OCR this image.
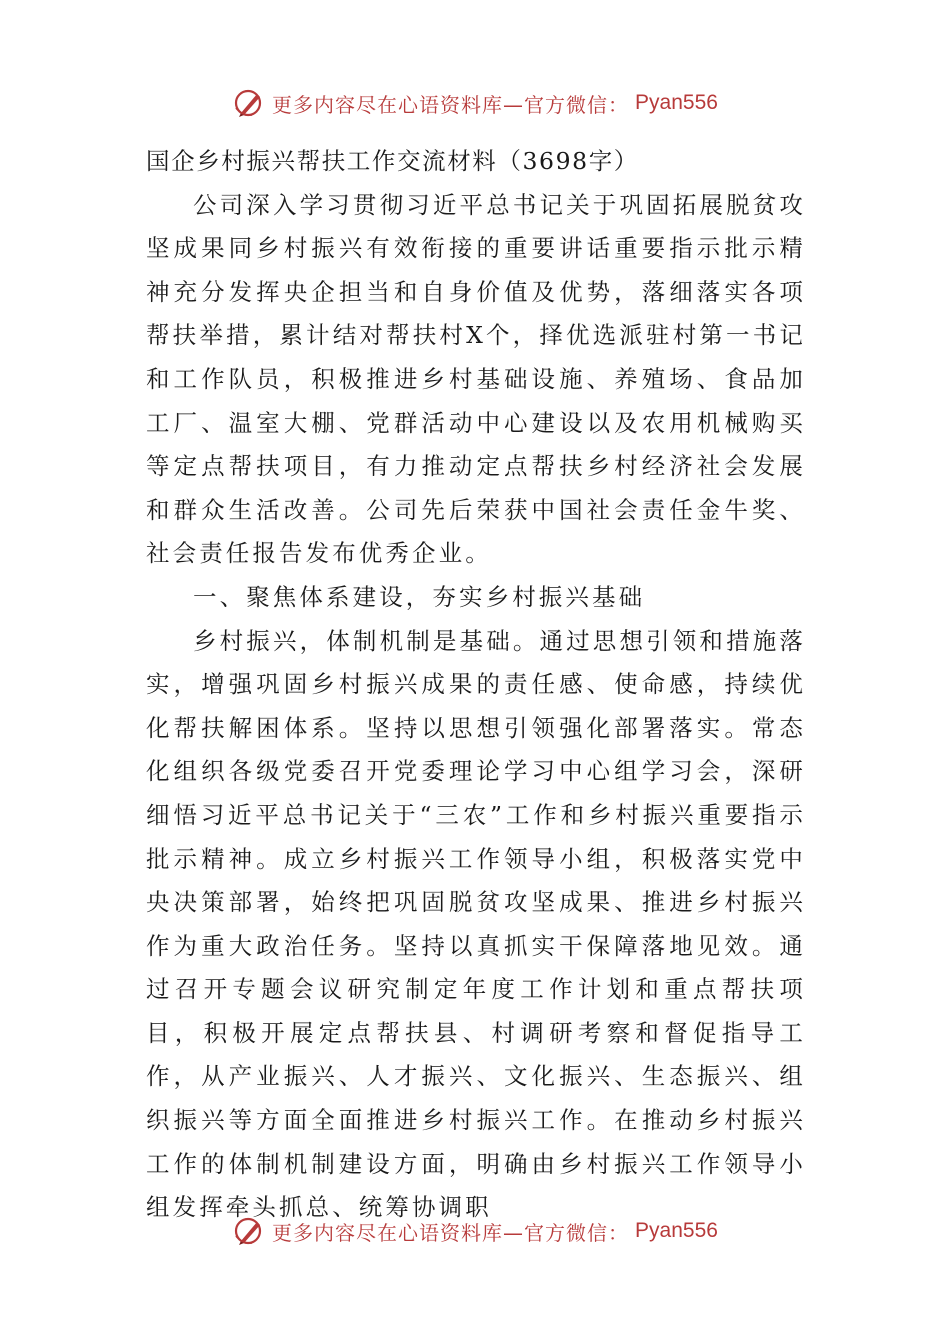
更多内容尽在心语资料库—官方微信： Pyan556

国企乡村振兴帮扶工作交流材料（3698字）

公司深入学习贯彻习近平总书记关于巩固拓展脱贫攻坚成果同乡村振兴有效衔接的重要讲话重要指示批示精神充分发挥央企担当和自身价值及优势，落细落实各项帮扶举措，累计结对帮扶村X个，择优选派驻村第一书记和工作队员，积极推进乡村基础设施、养殖场、食品加工厂、温室大棚、党群活动中心建设以及农用机械购买等定点帮扶项目，有力推动定点帮扶乡村经济社会发展和群众生活改善。公司先后荣获中国社会责任金牛奖、社会责任报告发布优秀企业。

一、聚焦体系建设，夯实乡村振兴基础

乡村振兴，体制机制是基础。通过思想引领和措施落实，增强巩固乡村振兴成果的责任感、使命感，持续优化帮扶解困体系。坚持以思想引领强化部署落实。常态化组织各级党委召开党委理论学习中心组学习会，深研细悟习近平总书记关于“三农”工作和乡村振兴重要指示批示精神。成立乡村振兴工作领导小组，积极落实党中央决策部署，始终把巩固脱贫攻坚成果、推进乡村振兴作为重大政治任务。坚持以真抓实干保障落地见效。通过召开专题会议研究制定年度工作计划和重点帮扶项目，积极开展定点帮扶县、村调研考察和督促指导工作，从产业振兴、人才振兴、文化振兴、生态振兴、组织振兴等方面全面推进乡村振兴工作。在推动乡村振兴工作的体制机制建设方面，明确由乡村振兴工作领导小组发挥牵头抓总、统筹协调职

更多内容尽在心语资料库—官方微信： Pyan556
